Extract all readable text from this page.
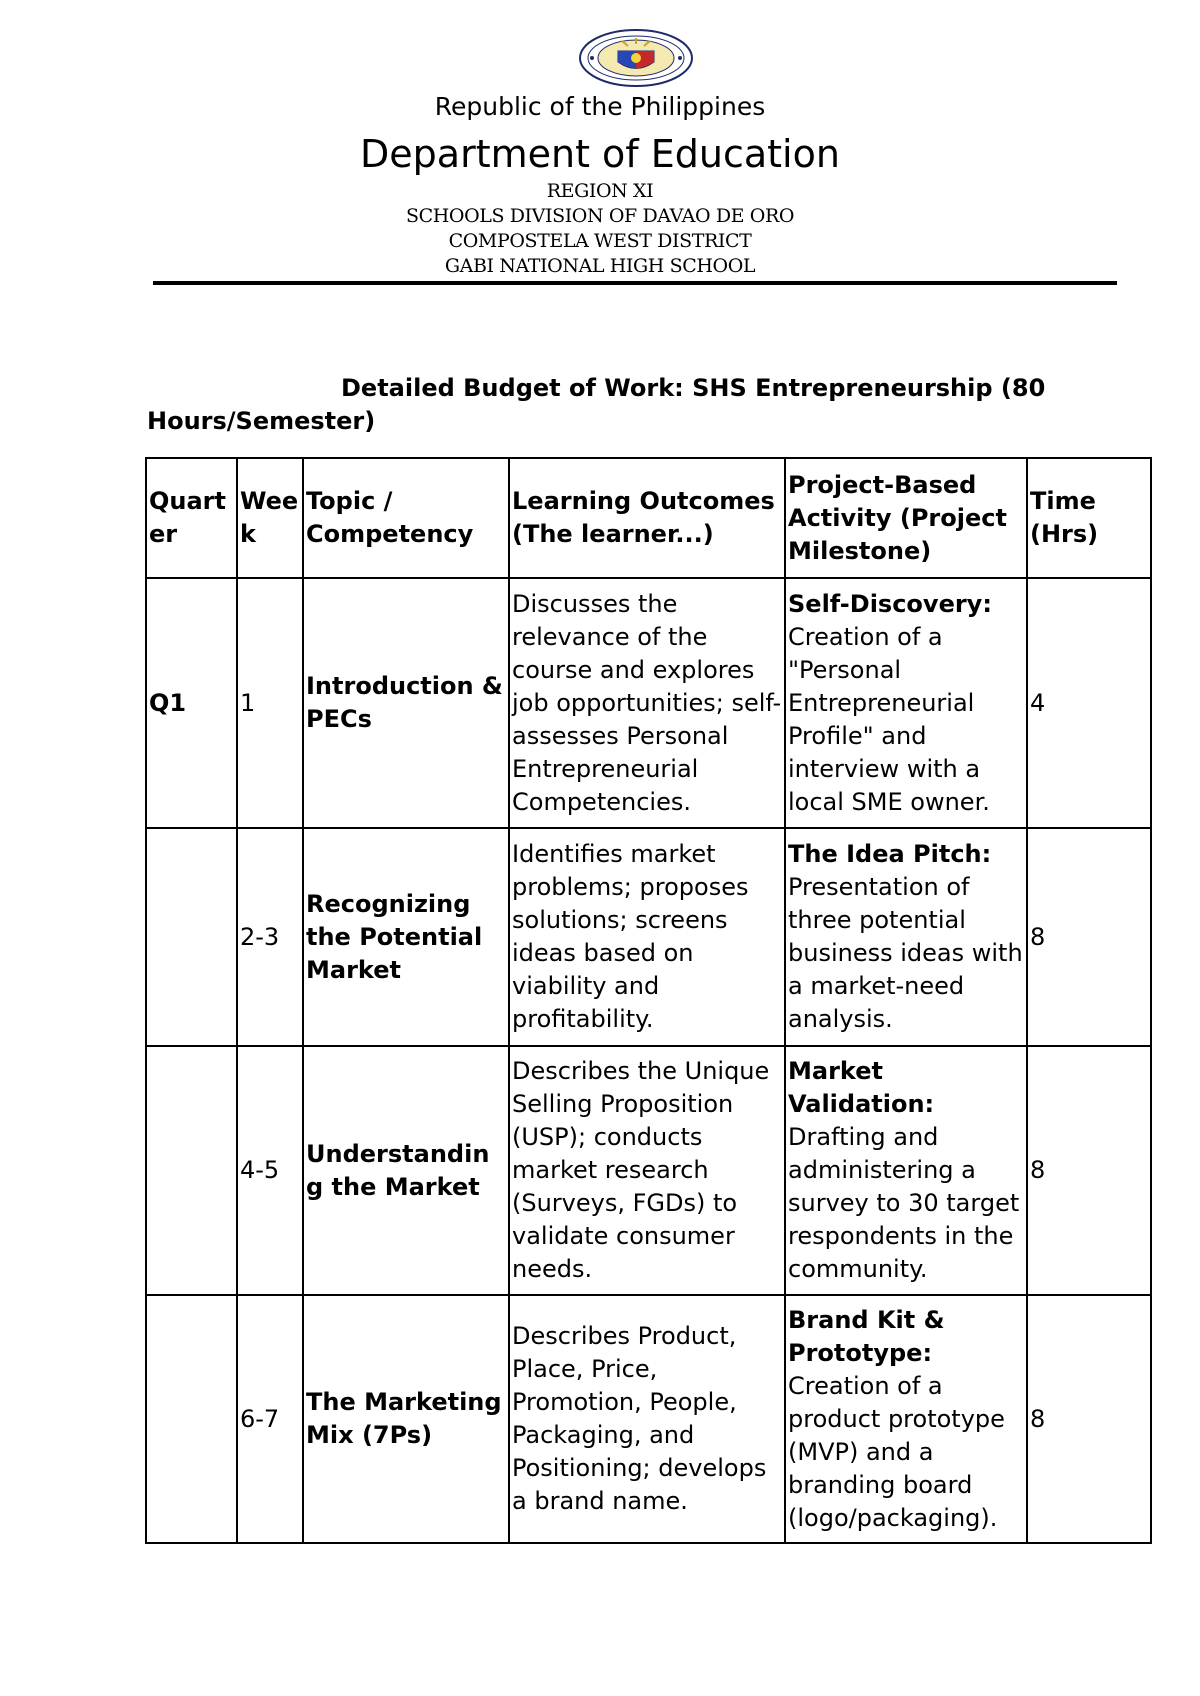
Republic of the Philippines
Department of Education
REGION XI
SCHOOLS DIVISION OF DAVAO DE ORO
COMPOSTELA WEST DISTRICT
GABI NATIONAL HIGH SCHOOL
Detailed Budget of Work: SHS Entrepreneurship (80 Hours/Semester)
Quarter	Week	Topic / Competency	Learning Outcomes (The learner...)	Project-Based Activity (Project Milestone)	Time (Hrs)
Q1	1	Introduction & PECs	Discusses the relevance of the course and explores job opportunities; self-assesses Personal Entrepreneurial Competencies.	Self-Discovery: Creation of a "Personal Entrepreneurial Profile" and interview with a local SME owner.	4
	2-3	Recognizing the Potential Market	Identifies market problems; proposes solutions; screens ideas based on viability and profitability.	The Idea Pitch: Presentation of three potential business ideas with a market-need analysis.	8
	4-5	Understanding the Market	Describes the Unique Selling Proposition (USP); conducts market research (Surveys, FGDs) to validate consumer needs.	Market Validation: Drafting and administering a survey to 30 target respondents in the community.	8
	6-7	The Marketing Mix (7Ps)	Describes Product, Place, Price, Promotion, People, Packaging, and Positioning; develops a brand name.	Brand Kit & Prototype: Creation of a product prototype (MVP) and a branding board (logo/packaging).	8
